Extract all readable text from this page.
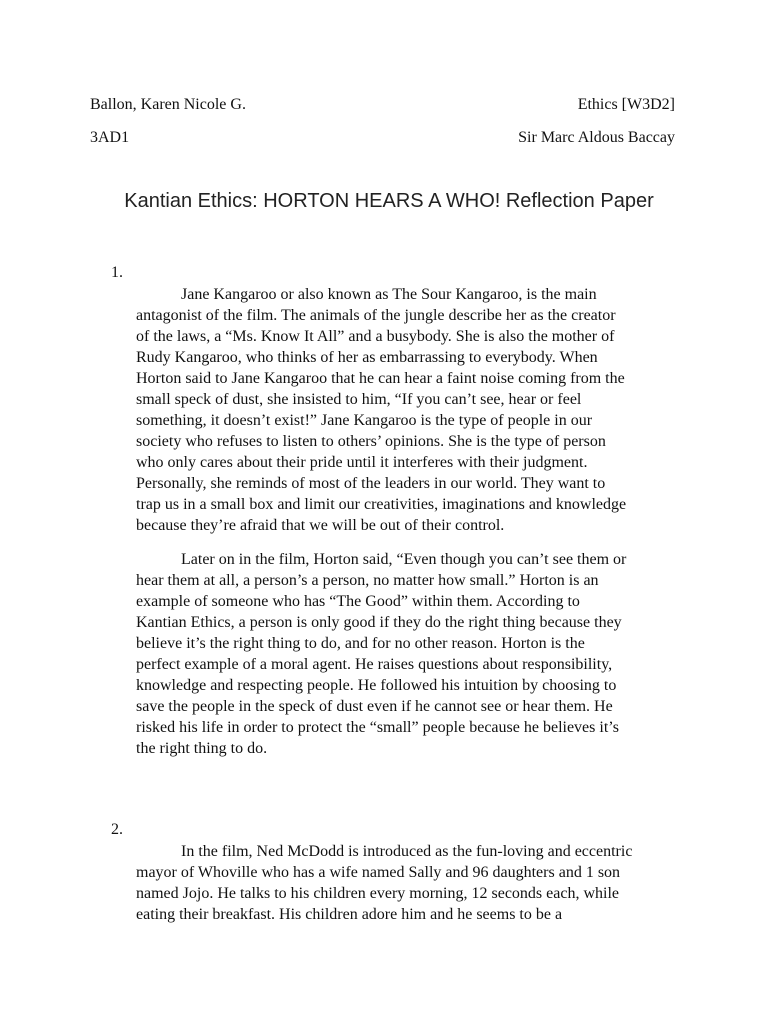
Ballon, Karen Nicole G.	Ethics [W3D2]
3AD1	Sir Marc Aldous Baccay
Kantian Ethics: HORTON HEARS A WHO! Reflection Paper
1.

Jane Kangaroo or also known as The Sour Kangaroo, is the main
antagonist of the film. The animals of the jungle describe her as the creator
of the laws, a “Ms. Know It All” and a busybody. She is also the mother of
Rudy Kangaroo, who thinks of her as embarrassing to everybody. When
Horton said to Jane Kangaroo that he can hear a faint noise coming from the
small speck of dust, she insisted to him, “If you can’t see, hear or feel
something, it doesn’t exist!” Jane Kangaroo is the type of people in our
society who refuses to listen to others’ opinions. She is the type of person
who only cares about their pride until it interferes with their judgment.
Personally, she reminds of most of the leaders in our world. They want to
trap us in a small box and limit our creativities, imaginations and knowledge
because they’re afraid that we will be out of their control.

Later on in the film, Horton said, “Even though you can’t see them or
hear them at all, a person’s a person, no matter how small.” Horton is an
example of someone who has “The Good” within them. According to
Kantian Ethics, a person is only good if they do the right thing because they
believe it’s the right thing to do, and for no other reason. Horton is the
perfect example of a moral agent. He raises questions about responsibility,
knowledge and respecting people. He followed his intuition by choosing to
save the people in the speck of dust even if he cannot see or hear them. He
risked his life in order to protect the “small” people because he believes it’s
the right thing to do.

2.

In the film, Ned McDodd is introduced as the fun-loving and eccentric
mayor of Whoville who has a wife named Sally and 96 daughters and 1 son
named Jojo. He talks to his children every morning, 12 seconds each, while
eating their breakfast. His children adore him and he seems to be a
